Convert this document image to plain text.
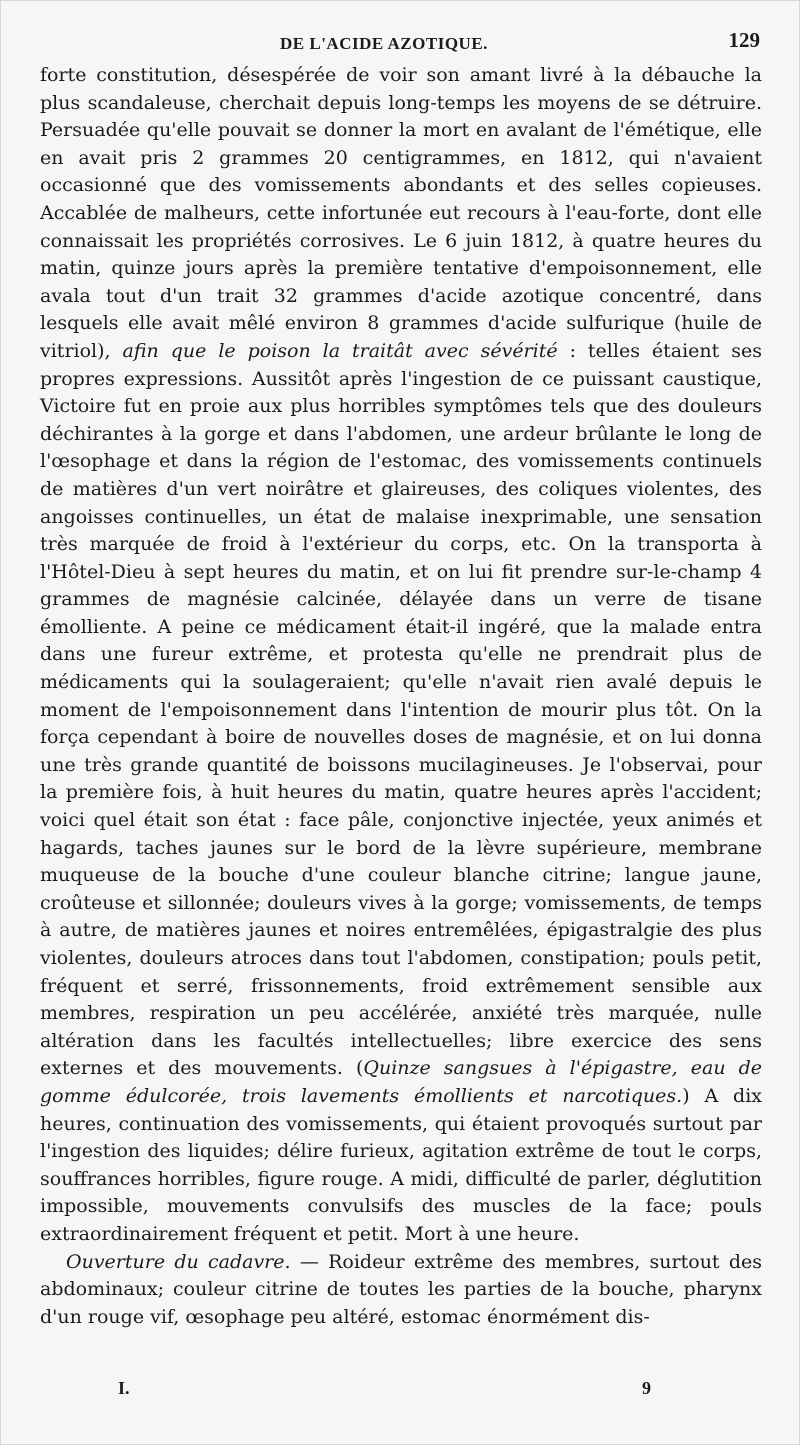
DE L'ACIDE AZOTIQUE.	129

forte constitution, désespérée de voir son amant livré à la débauche la plus scandaleuse, cherchait depuis long-temps les moyens de se détruire. Persuadée qu'elle pouvait se donner la mort en avalant de l'émétique, elle en avait pris 2 grammes 20 centigrammes, en 1812, qui n'avaient occasionné que des vomissements abondants et des selles copieuses. Accablée de malheurs, cette infortunée eut recours à l'eau-forte, dont elle connaissait les propriétés corrosives. Le 6 juin 1812, à quatre heures du matin, quinze jours après la première tentative d'empoisonnement, elle avala tout d'un trait 32 grammes d'acide azotique concentré, dans lesquels elle avait mêlé environ 8 grammes d'acide sulfurique (huile de vitriol), afin que le poison la traitât avec sévérité : telles étaient ses propres expressions. Aussitôt après l'ingestion de ce puissant caustique, Victoire fut en proie aux plus horribles symptômes tels que des douleurs déchirantes à la gorge et dans l'abdomen, une ardeur brûlante le long de l'œsophage et dans la région de l'estomac, des vomissements continuels de matières d'un vert noirâtre et glaireuses, des coliques violentes, des angoisses continuelles, un état de malaise inexprimable, une sensation très marquée de froid à l'extérieur du corps, etc. On la transporta à l'Hôtel-Dieu à sept heures du matin, et on lui fit prendre sur-le-champ 4 grammes de magnésie calcinée, délayée dans un verre de tisane émolliente. A peine ce médicament était-il ingéré, que la malade entra dans une fureur extrême, et protesta qu'elle ne prendrait plus de médicaments qui la soulageraient; qu'elle n'avait rien avalé depuis le moment de l'empoisonnement dans l'intention de mourir plus tôt. On la força cependant à boire de nouvelles doses de magnésie, et on lui donna une très grande quantité de boissons mucilagineuses. Je l'observai, pour la première fois, à huit heures du matin, quatre heures après l'accident; voici quel était son état : face pâle, conjonctive injectée, yeux animés et hagards, taches jaunes sur le bord de la lèvre supérieure, membrane muqueuse de la bouche d'une couleur blanche citrine; langue jaune, croûteuse et sillonnée; douleurs vives à la gorge; vomissements, de temps à autre, de matières jaunes et noires entremêlées, épigastralgie des plus violentes, douleurs atroces dans tout l'abdomen, constipation; pouls petit, fréquent et serré, frissonnements, froid extrêmement sensible aux membres, respiration un peu accélérée, anxiété très marquée, nulle altération dans les facultés intellectuelles; libre exercice des sens externes et des mouvements. (Quinze sangsues à l'épigastre, eau de gomme édulcorée, trois lavements émollients et narcotiques.) A dix heures, continuation des vomissements, qui étaient provoqués surtout par l'ingestion des liquides; délire furieux, agitation extrême de tout le corps, souffrances horribles, figure rouge. A midi, difficulté de parler, déglutition impossible, mouvements convulsifs des muscles de la face; pouls extraordinairement fréquent et petit. Mort à une heure.

Ouverture du cadavre. — Roideur extrême des membres, surtout des abdominaux; couleur citrine de toutes les parties de la bouche, pharynx d'un rouge vif, œsophage peu altéré, estomac énormément dis-

I.	9
